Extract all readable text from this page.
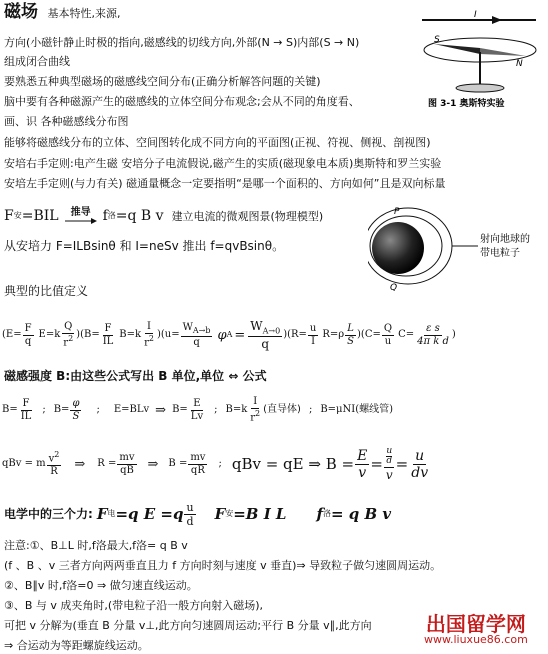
磁场 基本特性,来源,	I
S
N
图 3-1 奥斯特实验
方向(小磁针静止时极的指向,磁感线的切线方向,外部(N → S)内部(S → N)
组成闭合曲线
要熟悉五种典型磁场的磁感线空间分布(正确分析解答问题的关键)
脑中要有各种磁源产生的磁感线的立体空间分布观念;会从不同的角度看、
画、识 各种磁感线分布图
能够将磁感线分布的立体、空间图转化成不同方向的平面图(正视、符视、侧视、剖视图)
安培右手定则:电产生磁 安培分子电流假说,磁产生的实质(磁现象电本质)奥斯特和罗兰实验
安培左手定则(与力有关) 磁通量概念一定要指明“是哪一个面积的、方向如何”且是双向标量
F 安 =BIL 推导 f 洛 =q B v 建立电流的微观图景(物理模型)
从安培力 F=ILBsinθ 和 I=neSv 推出 f=qvBsinθ。
P
Q
射向地球的
带电粒子
典型的比值定义
$(E= \frac{F}{q} E=k \frac{Q}{r^2} )(B= \frac{F}{IL} B=k \frac{I}{r^2} )(u= \frac{W_{A\to b}}{q}$ φ $A = \frac{W_{A\to 0}}{q} )(R= \frac{u}{I} R=\rho \frac{L}{S} )(C= \frac{Q}{u} C= \frac{\text{ε s}}{\text{4π k d}}$ )
磁感强度 B:由这些公式写出 B 单位,单位 ⇔ 公式
$B= \frac{F}{IL}$ ; $B= \frac{\varphi}{S}$ ; E=BLv ⇒ $B= \frac{E}{Lv}$ ; $B=k \frac{I}{r^2}$ (直导体) ; B=μNI(螺线管)
qBv = m $\frac{v^2}{R}$ ⇒ $R = \frac{mv}{qB}$ ⇒ $B = \frac{mv}{qR}$ ; qBv = qE ⇒ $B = \frac{E}{v} = u$
d
$v = \frac{u}{dv}$
电学中的三个力: F 电 =q $E =q \frac{u}{d}$ F 安 =B I L f 洛 = q B v
注意:①、B⊥L 时,f洛最大,f洛= q B v
(f 、B 、v 三者方向两两垂直且力 f 方向时刻与速度 v 垂直)⇒ 导致粒子做匀速圆周运动。
②、B∥v 时,f洛=0 ⇒ 做匀速直线运动。
③、B 与 v 成夹角时,(带电粒子沿一般方向射入磁场),
可把 v 分解为(垂直 B 分量 v⊥,此方向匀速圆周运动;平行 B 分量 v∥,此方向
⇒ 合运动为等距螺旋线运动。
出国留学网
www.liuxue86.com
